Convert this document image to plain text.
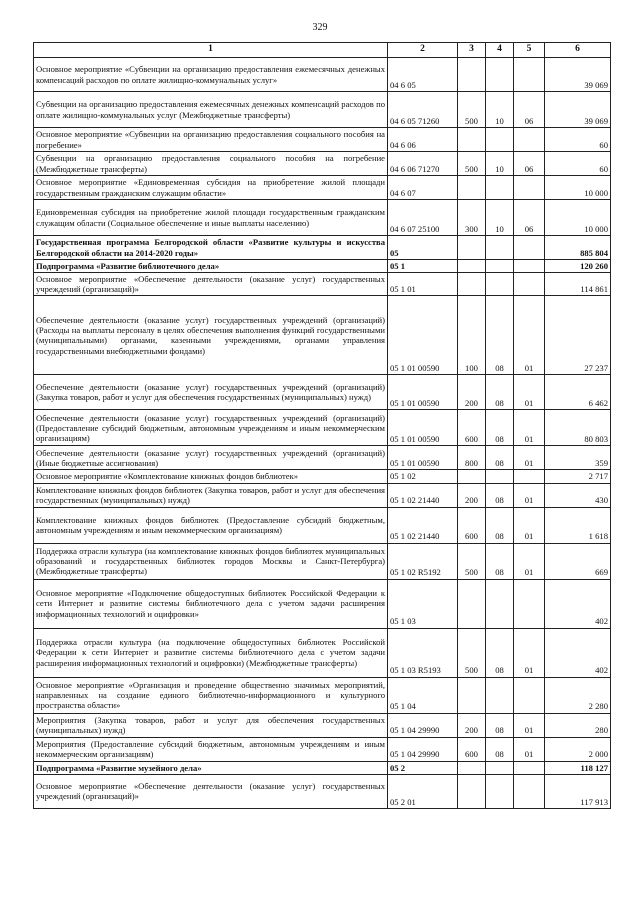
329
1	2	3	4	5	6
Основное мероприятие «Субвенции на организацию предоставления ежемесячных денежных компенсаций расходов по оплате жилищно-коммунальных услуг»	04 6 05				39 069
Субвенции на организацию предоставления ежемесячных денежных компенсаций расходов по оплате жилищно-коммунальных услуг (Межбюджетные трансферты)	04 6 05 71260	500	10	06	39 069
Основное мероприятие «Субвенции на организацию предоставления социального пособия на погребение»	04 6 06				60
Субвенции на организацию предоставления социального пособия на погребение (Межбюджетные трансферты)	04 6 06 71270	500	10	06	60
Основное мероприятие «Единовременная субсидия на приобретение жилой площади государственным гражданским служащим области»	04 6 07				10 000
Единовременная субсидия на приобретение жилой площади государственным гражданским служащим области (Социальное обеспечение и иные выплаты населению)	04 6 07 25100	300	10	06	10 000
Государственная программа Белгородской области «Развитие культуры и искусства Белгородской области на 2014-2020 годы»	05				885 804
Подпрограмма «Развитие библиотечного дела»	05 1				120 260
Основное мероприятие «Обеспечение деятельности (оказание услуг) государственных учреждений (организаций)»	05 1 01				114 861
Обеспечение деятельности (оказание услуг) государственных учреждений (организаций) (Расходы на выплаты персоналу в целях обеспечения выполнения функций государственными (муниципальными) органами, казенными учреждениями, органами управления государственными внебюджетными фондами)	05 1 01 00590	100	08	01	27 237
Обеспечение деятельности (оказание услуг) государственных учреждений (организаций) (Закупка товаров, работ и услуг для обеспечения государственных (муниципальных) нужд)	05 1 01 00590	200	08	01	6 462
Обеспечение деятельности (оказание услуг) государственных учреждений (организаций) (Предоставление субсидий бюджетным, автономным учреждениям и иным некоммерческим организациям)	05 1 01 00590	600	08	01	80 803
Обеспечение деятельности (оказание услуг) государственных учреждений (организаций) (Иные бюджетные ассигнования)	05 1 01 00590	800	08	01	359
Основное мероприятие «Комплектование книжных фондов библиотек»	05 1 02				2 717
Комплектование книжных фондов библиотек (Закупка товаров, работ и услуг для обеспечения государственных (муниципальных) нужд)	05 1 02 21440	200	08	01	430
Комплектование книжных фондов библиотек (Предоставление субсидий бюджетным, автономным учреждениям и иным некоммерческим организациям)	05 1 02 21440	600	08	01	1 618
Поддержка отрасли культура (на комплектование книжных фондов библиотек муниципальных образований и государственных библиотек городов Москвы и Санкт-Петербурга) (Межбюджетные трансферты)	05 1 02 R5192	500	08	01	669
Основное мероприятие «Подключение общедоступных библиотек Российской Федерации к сети Интернет и развитие системы библиотечного дела с учетом задачи расширения информационных технологий и оцифровки»	05 1 03				402
Поддержка отрасли культура (на подключение общедоступных библиотек Российской Федерации к сети Интернет и развитие системы библиотечного дела с учетом задачи расширения информационных технологий и оцифровки) (Межбюджетные трансферты)	05 1 03 R5193	500	08	01	402
Основное мероприятие «Организация и проведение общественно значимых мероприятий, направленных на создание единого библиотечно-информационного и культурного пространства области»	05 1 04				2 280
Мероприятия (Закупка товаров, работ и услуг для обеспечения государственных (муниципальных) нужд)	05 1 04 29990	200	08	01	280
Мероприятия (Предоставление субсидий бюджетным, автономным учреждениям и иным некоммерческим организациям)	05 1 04 29990	600	08	01	2 000
Подпрограмма «Развитие музейного дела»	05 2				118 127
Основное мероприятие «Обеспечение деятельности (оказание услуг) государственных учреждений (организаций)»	05 2 01				117 913
